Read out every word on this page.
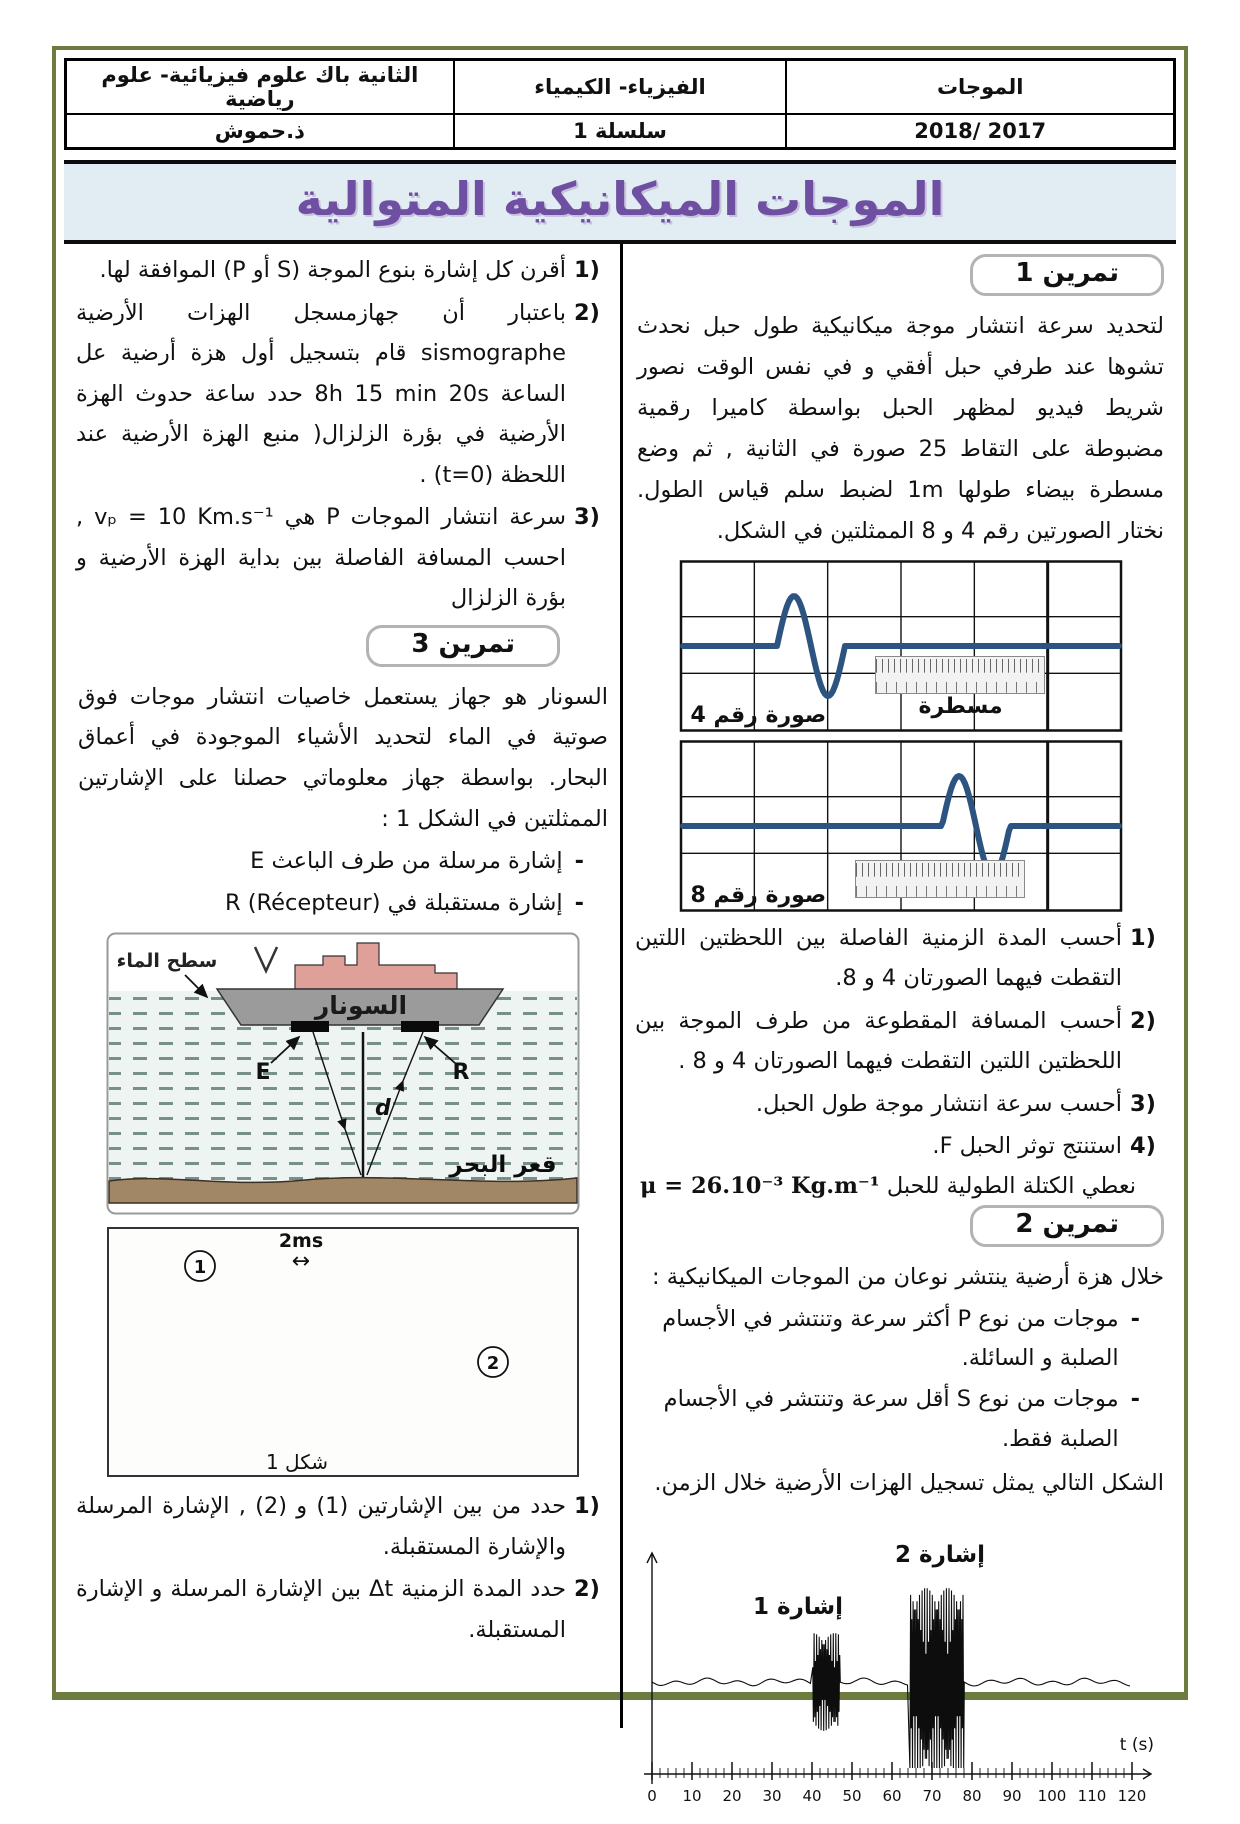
الموجات	الفيزياء- الكيمياء	الثانية باك علوم فيزيائية- علوم رياضية
2017 /2018	سلسلة 1	ذ.حموش
الموجات الميكانيكية المتوالية
تمرين 1

لتحديد سرعة انتشار موجة ميكانيكية طول حبل نحدث تشوها عند طرفي حبل أفقي و في نفس الوقت نصور شريط فيديو لمظهر الحبل بواسطة كاميرا رقمية مضبوطة على التقاط 25 صورة في الثانية , ثم وضع مسطرة بيضاء طولها 1m لضبط سلم قياس الطول. نختار الصورتين رقم 4 و 8 الممثلتين في الشكل.

صورة رقم 4	مسطرة
صورة رقم 8
1)
أحسب المدة الزمنية الفاصلة بين اللحظتين اللتين التقطت فيهما الصورتان 4 و 8.
2)
أحسب المسافة المقطوعة من طرف الموجة بين اللحظتين اللتين التقطت فيهما الصورتان 4 و 8 .
3)
أحسب سرعة انتشار موجة طول الحبل.
4)
استنتج توثر الحبل F.
نعطي الكتلة الطولية للحبل μ = 26.10⁻³ Kg.m⁻¹
تمرين 2

خلال هزة أرضية ينتشر نوعان من الموجات الميكانيكية :

-
موجات من نوع P أكثر سرعة وتنتشر في الأجسام الصلبة و السائلة.
-
موجات من نوع S أقل سرعة وتنتشر في الأجسام الصلبة فقط.

الشكل التالي يمثل تسجيل الهزات الأرضية خلال الزمن.

120
110
100
90
80
70
60
50
40
30
20
10
0
إشارة 1
إشارة 2
t (s)
1)
أقرن كل إشارة بنوع الموجة (S أو P) الموافقة لها.
2)
باعتبار أن جهازمسجل الهزات الأرضية sismographe قام بتسجيل أول هزة أرضية عل الساعة 8h 15 min 20s حدد ساعة حدوث الهزة الأرضية في بؤرة الزلزال( منبع الهزة الأرضية عند اللحظة (t=0) .
3)
سرعة انتشار الموجات P هي vₚ = 10 Km.s⁻¹ , احسب المسافة الفاصلة بين بداية الهزة الأرضية و بؤرة الزلزال
تمرين 3

السونار هو جهاز يستعمل خاصيات انتشار موجات فوق صوتية في الماء لتحديد الأشياء الموجودة في أعماق البحار. بواسطة جهاز معلوماتي حصلنا على الإشارتين الممثلتين في الشكل 1 :

-
إشارة مرسلة من طرف الباعث E
-
إشارة مستقبلة في (Récepteur) R
سطح الماء
السونار
E	R
d
قعر البحر
2ms
↔
1
2
شكل 1
1)
حدد من بين الإشارتين (1) و (2) , الإشارة المرسلة والإشارة المستقبلة.
2)
حدد المدة الزمنية Δt بين الإشارة المرسلة و الإشارة المستقبلة.
